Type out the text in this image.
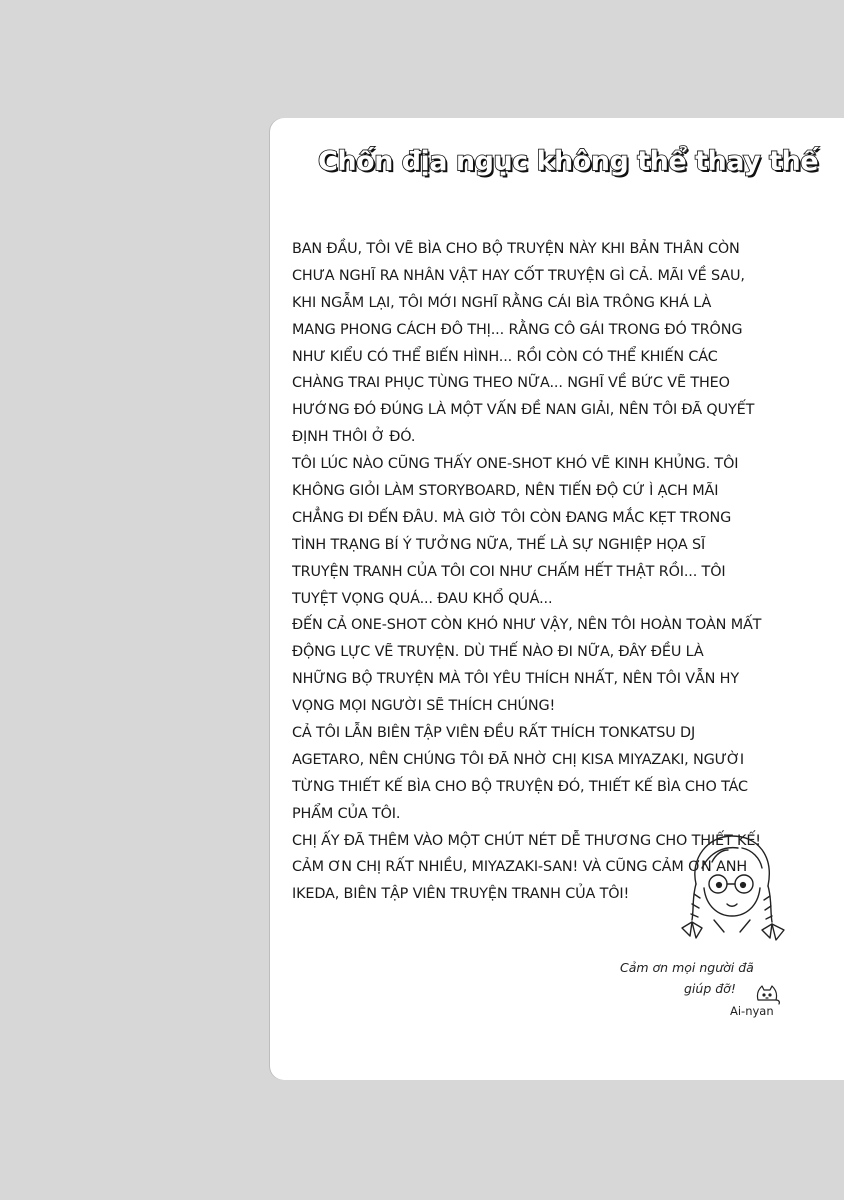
Chốn địa ngục không thể thay thế
BAN ĐẦU, TÔI VẼ BÌA CHO BỘ TRUYỆN NÀY KHI BẢN THÂN CÒN
CHƯA NGHĨ RA NHÂN VẬT HAY CỐT TRUYỆN GÌ CẢ. MÃI VỀ SAU,
KHI NGẪM LẠI, TÔI MỚI NGHĨ RẰNG CÁI BÌA TRÔNG KHÁ LÀ
MANG PHONG CÁCH ĐÔ THỊ... RẰNG CÔ GÁI TRONG ĐÓ TRÔNG
NHƯ KIỂU CÓ THỂ BIẾN HÌNH... RỒI CÒN CÓ THỂ KHIẾN CÁC
CHÀNG TRAI PHỤC TÙNG THEO NỮA... NGHĨ VỀ BỨC VẼ THEO
HƯỚNG ĐÓ ĐÚNG LÀ MỘT VẤN ĐỀ NAN GIẢI, NÊN TÔI ĐÃ QUYẾT
ĐỊNH THÔI Ở ĐÓ.
TÔI LÚC NÀO CŨNG THẤY ONE-SHOT KHÓ VẼ KINH KHỦNG. TÔI
KHÔNG GIỎI LÀM STORYBOARD, NÊN TIẾN ĐỘ CỨ Ì ẠCH MÃI
CHẲNG ĐI ĐẾN ĐÂU. MÀ GIỜ TÔI CÒN ĐANG MẮC KẸT TRONG
TÌNH TRẠNG BÍ Ý TƯỞNG NỮA, THẾ LÀ SỰ NGHIỆP HỌA SĨ
TRUYỆN TRANH CỦA TÔI COI NHƯ CHẤM HẾT THẬT RỒI... TÔI
TUYỆT VỌNG QUÁ... ĐAU KHỔ QUÁ...
ĐẾN CẢ ONE-SHOT CÒN KHÓ NHƯ VẬY, NÊN TÔI HOÀN TOÀN MẤT
ĐỘNG LỰC VẼ TRUYỆN. DÙ THẾ NÀO ĐI NỮA, ĐÂY ĐỀU LÀ
NHỮNG BỘ TRUYỆN MÀ TÔI YÊU THÍCH NHẤT, NÊN TÔI VẪN HY
VỌNG MỌI NGƯỜI SẼ THÍCH CHÚNG!
CẢ TÔI LẪN BIÊN TẬP VIÊN ĐỀU RẤT THÍCH TONKATSU DJ
AGETARO, NÊN CHÚNG TÔI ĐÃ NHỜ CHỊ KISA MIYAZAKI, NGƯỜI
TỪNG THIẾT KẾ BÌA CHO BỘ TRUYỆN ĐÓ, THIẾT KẾ BÌA CHO TÁC
PHẨM CỦA TÔI.
CHỊ ẤY ĐÃ THÊM VÀO MỘT CHÚT NÉT DỄ THƯƠNG CHO THIẾT KẾ!
CẢM ƠN CHỊ RẤT NHIỀU, MIYAZAKI-SAN! VÀ CŨNG CẢM ƠN ANH
IKEDA, BIÊN TẬP VIÊN TRUYỆN TRANH CỦA TÔI!
Cảm ơn mọi người đã
giúp đỡ!
Ai-nyan
